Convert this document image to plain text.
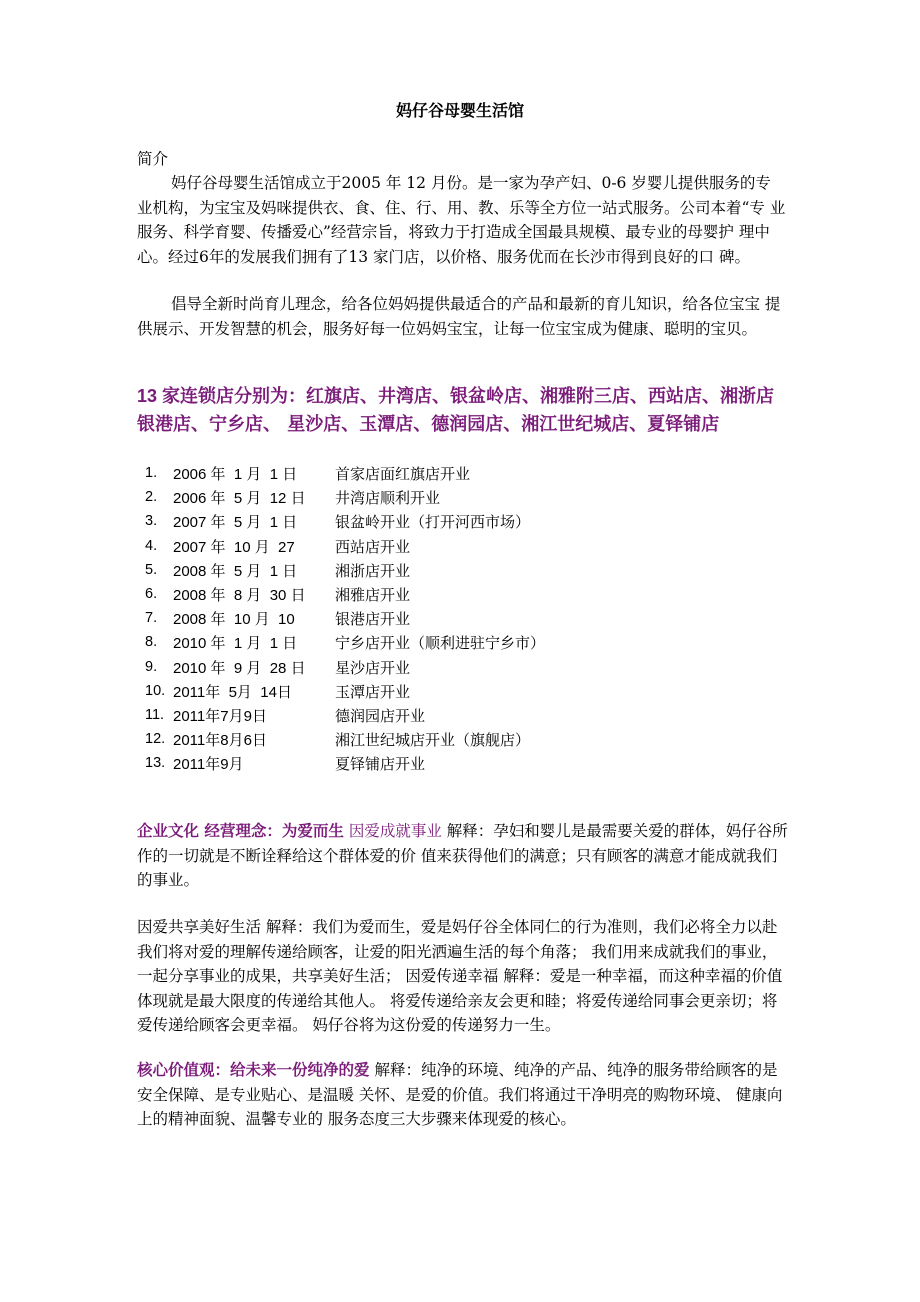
妈仔谷母婴生活馆
简介
妈仔谷母婴生活馆成立于2005 年 12 月份。是一家为孕产妇、0-6 岁婴儿提供服务的专 业机构，为宝宝及妈咪提供衣、食、住、行、用、教、乐等全方位一站式服务。公司本着“专 业服务、科学育婴、传播爱心”经营宗旨，将致力于打造成全国最具规模、最专业的母婴护 理中心。经过6年的发展我们拥有了13 家门店，以价格、服务优而在长沙市得到良好的口 碑。
倡导全新时尚育儿理念，给各位妈妈提供最适合的产品和最新的育儿知识，给各位宝宝 提供展示、开发智慧的机会，服务好每一位妈妈宝宝，让每一位宝宝成为健康、聪明的宝贝。
13 家连锁店分别为：红旗店、井湾店、银盆岭店、湘雅附三店、西站店、湘浙店 银港店、宁乡店、 星沙店、玉潭店、德润园店、湘江世纪城店、夏铎铺店
1. 2006 年  1 月  1 日	首家店面红旗店开业
2. 2006 年  5 月  12 日 井湾店顺利开业
3. 2007 年  5 月  1 日	银盆岭开业（打开河西市场）
4. 2007 年  10 月  27	西站店开业
5. 2008 年  5 月  1 日	湘浙店开业
6. 2008 年  8 月  30 日 湘雅店开业
7. 2008 年  10 月  10	银港店开业
8. 2010 年  1 月  1 日	宁乡店开业（顺利进驻宁乡市）
9. 2010 年  9 月  28 日 星沙店开业
10. 2011年  5月  14日	玉潭店开业
11. 2011年7月9日	德润园店开业
12. 2011年8月6日	湘江世纪城店开业（旗舰店）
13. 2011年9月	夏铎铺店开业
企业文化 经营理念：为爱而生 因爱成就事业 解释：孕妇和婴儿是最需要关爱的群体，妈仔谷所作的一切就是不断诠释给这个群体爱的价 值来获得他们的满意；只有顾客的满意才能成就我们的事业。
因爱共享美好生活 解释：我们为爱而生，爱是妈仔谷全体同仁的行为准则，我们必将全力以赴 我们将对爱的理解传递给顾客，让爱的阳光洒遍生活的每个角落； 我们用来成就我们的事业，一起分享事业的成果，共享美好生活； 因爱传递幸福 解释：爱是一种幸福，而这种幸福的价值体现就是最大限度的传递给其他人。 将爱传递给亲友会更和睦；将爱传递给同事会更亲切；将爱传递给顾客会更幸福。 妈仔谷将为这份爱的传递努力一生。
核心价值观：给未来一份纯净的爱 解释：纯净的环境、纯净的产品、纯净的服务带给顾客的是安全保障、是专业贴心、是温暖 关怀、是爱的价值。我们将通过干净明亮的购物环境、 健康向上的精神面貌、温馨专业的 服务态度三大步骤来体现爱的核心。
